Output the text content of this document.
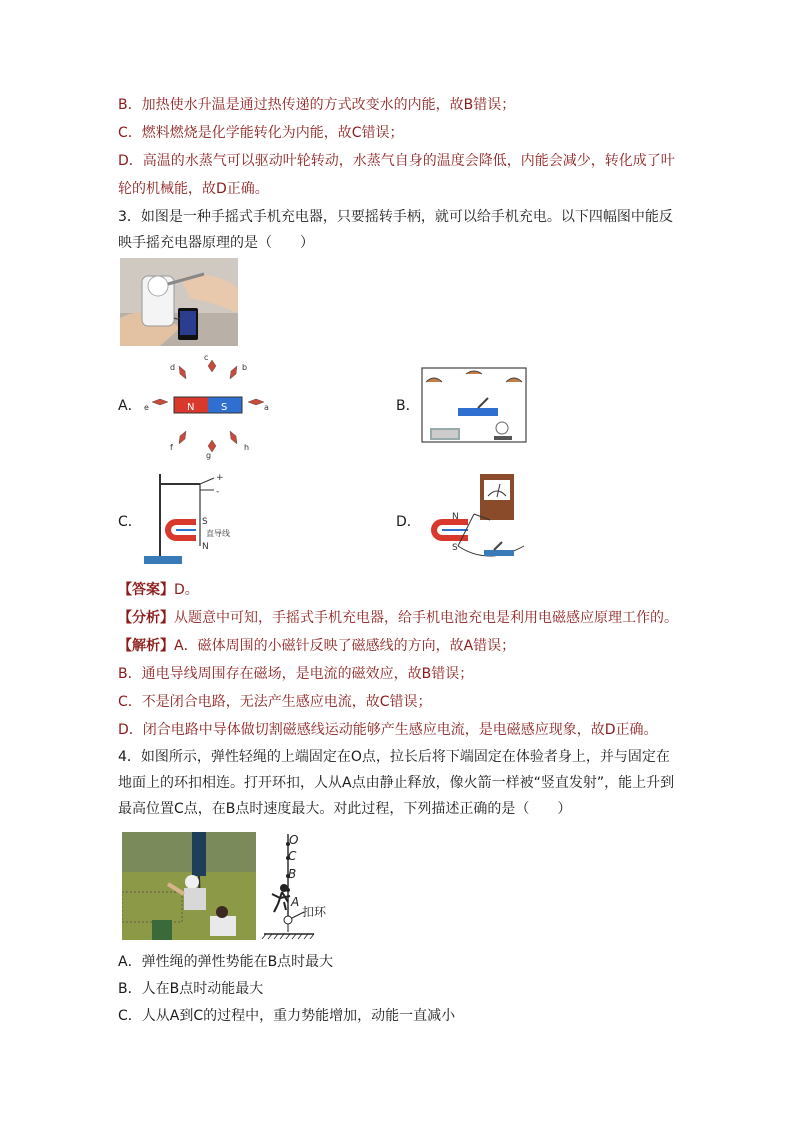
B．加热使水升温是通过热传递的方式改变水的内能，故B错误；
C．燃料燃烧是化学能转化为内能，故C错误；
D．高温的水蒸气可以驱动叶轮转动，水蒸气自身的温度会降低，内能会减少，转化成了叶
轮的机械能，故D正确。
3．如图是一种手摇式手机充电器，只要摇转手柄，就可以给手机充电。以下四幅图中能反
映手摇充电器原理的是（　　）
A．	N	S
e
c
a
d	b
f
g
h
B．
C．
+
-
S
N
直导线
D．	N
S
【答案】D。
【分析】从题意中可知，手摇式手机充电器，给手机电池充电是利用电磁感应原理工作的。
【解析】A．磁体周围的小磁针反映了磁感线的方向，故A错误；
B．通电导线周围存在磁场，是电流的磁效应，故B错误；
C．不是闭合电路，无法产生感应电流，故C错误；
D．闭合电路中导体做切割磁感线运动能够产生感应电流，是电磁感应现象，故D正确。
4．如图所示，弹性轻绳的上端固定在O点，拉长后将下端固定在体验者身上，并与固定在
地面上的环扣相连。打开环扣，人从A点由静止释放，像火箭一样被“竖直发射”，能上升到
最高位置C点，在B点时速度最大。对此过程，下列描述正确的是（　　）
O
C
B
A
扣环
A．弹性绳的弹性势能在B点时最大
B．人在B点时动能最大
C．人从A到C的过程中，重力势能增加，动能一直减小
